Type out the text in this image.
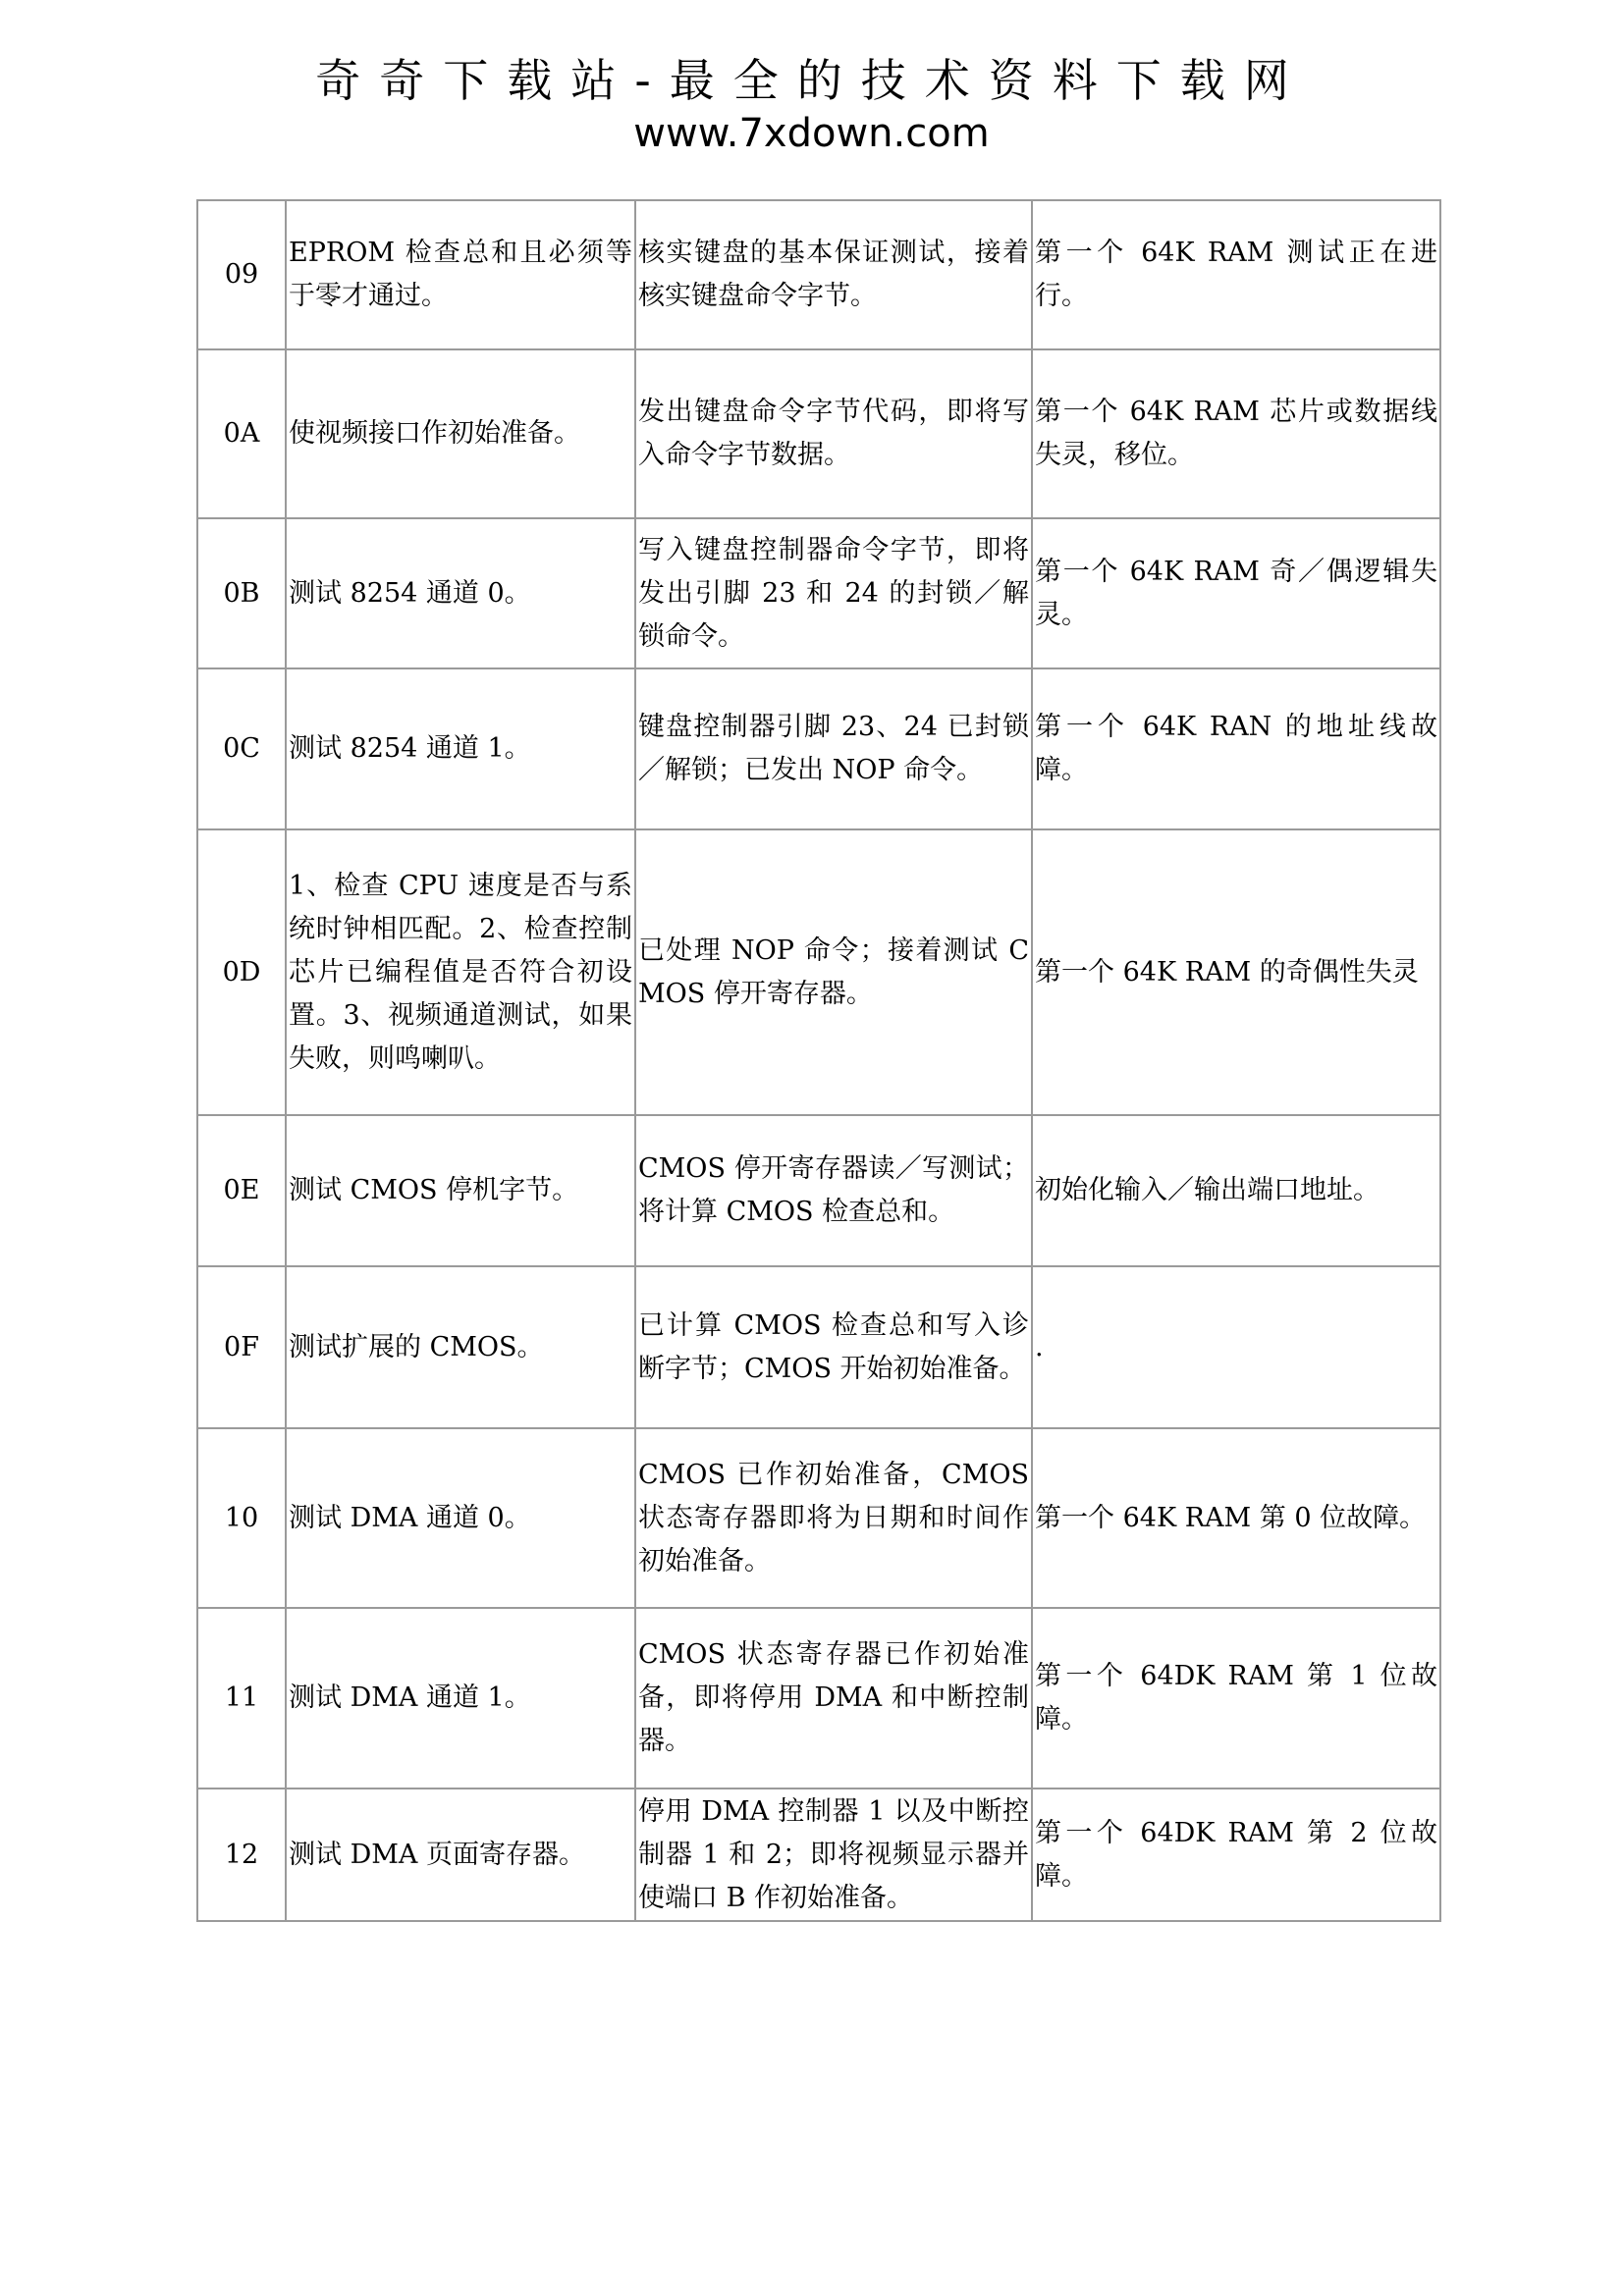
奇奇下载站-最全的技术资料下载网
www.7xdown.com
09	EPROM 检查总和且必须等于零才通过。	核实键盘的基本保证测试，接着核实键盘命令字节。	第一个 64K RAM 测试正在进行。
0A	使视频接口作初始准备。	发出键盘命令字节代码，即将写入命令字节数据。	第一个 64K RAM 芯片或数据线失灵，移位。
0B	测试 8254 通道 0。	写入键盘控制器命令字节，即将发出引脚 23 和 24 的封锁／解锁命令。	第一个 64K RAM 奇／偶逻辑失灵。
0C	测试 8254 通道 1。	键盘控制器引脚 23、24 已封锁／解锁；已发出 NOP 命令。	第一个 64K RAN 的地址线故障。
0D	1、检查 CPU 速度是否与系统时钟相匹配。2、检查控制芯片已编程值是否符合初设置。3、视频通道测试，如果失败，则鸣喇叭。	已处理 NOP 命令；接着测试 CMOS 停开寄存器。	第一个 64K RAM 的奇偶性失灵
0E	测试 CMOS 停机字节。	CMOS 停开寄存器读／写测试；将计算 CMOS 检查总和。	初始化输入／输出端口地址。
0F	测试扩展的 CMOS。	已计算 CMOS 检查总和写入诊断字节；CMOS 开始初始准备。	.
10	测试 DMA 通道 0。	CMOS 已作初始准备，CMOS 状态寄存器即将为日期和时间作初始准备。	第一个 64K RAM 第 0 位故障。
11	测试 DMA 通道 1。	CMOS 状态寄存器已作初始准备，即将停用 DMA 和中断控制器。	第一个 64DK RAM 第 1 位故障。
12	测试 DMA 页面寄存器。	停用 DMA 控制器 1 以及中断控制器 1 和 2；即将视频显示器并使端口 B 作初始准备。	第一个 64DK RAM 第 2 位故障。
